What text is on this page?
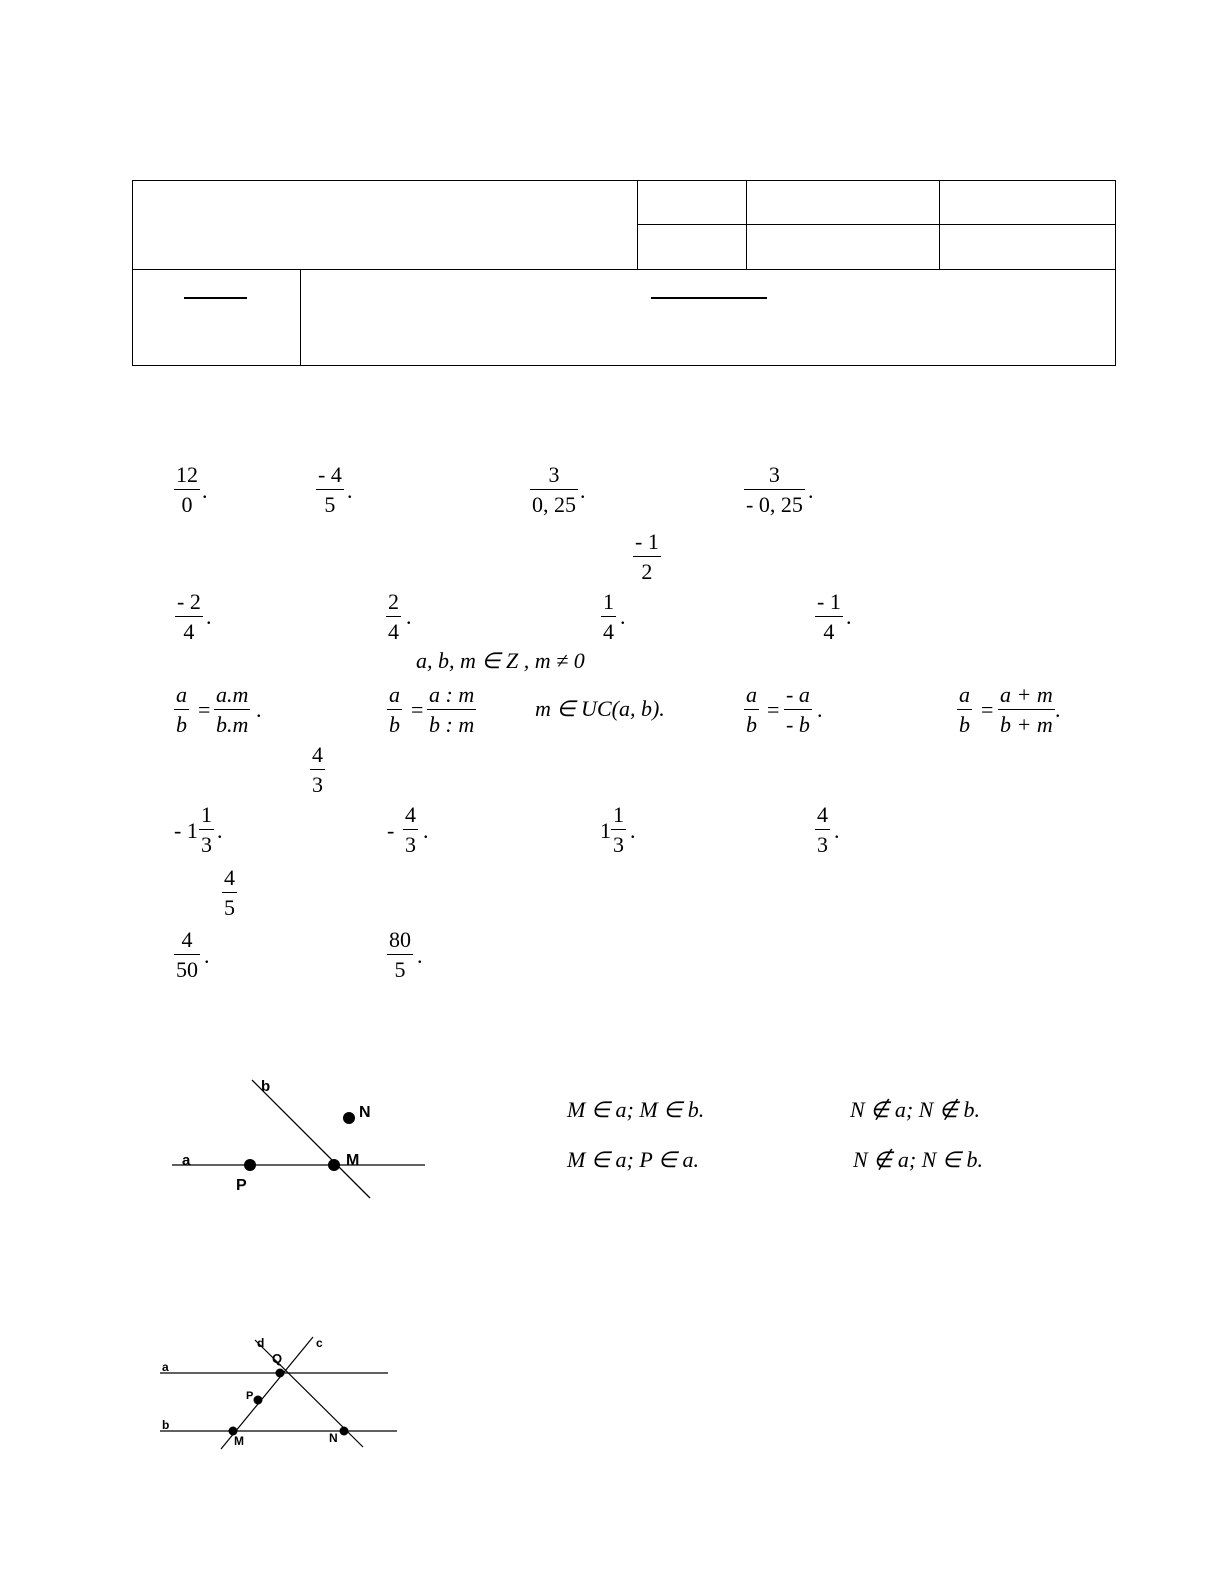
$\frac{12}{0}$ .	$\frac{- 4}{5}$ .	$\frac{3}{0, 25}$ .	$\frac{3}{- 0, 25}$ .
$\frac{- 1}{2}$
$\frac{- 2}{4}$ .	$\frac{2}{4}$ .	$\frac{1}{4}$ .	$\frac{- 1}{4}$ .
a, b, m ∈ Z , m ≠ 0
$\frac{a}{b} = \frac{a.m}{b.m}$ .	$\frac{a}{b} = \frac{a : m}{b : m}$	m ∈ UC(a, b).	$\frac{a}{b} = \frac{- a}{- b}$ .	$\frac{a}{b} = \frac{a + m}{b + m}$ .
$\frac{4}{3}$
- $1 \frac{1}{3}$ .	- $\frac{4}{3}$ .	$1 \frac{1}{3}$ .	$\frac{4}{3}$ .
$\frac{4}{5}$
$\frac{4}{50}$ .	$\frac{80}{5}$ .
b
N
a	M
P
M ∈ a; M ∈ b.	N ∉ a; N ∉ b.
M ∈ a; P ∈ a.	N ∉ a; N ∈ b.
d
Q
c
a
P
b
M	N
